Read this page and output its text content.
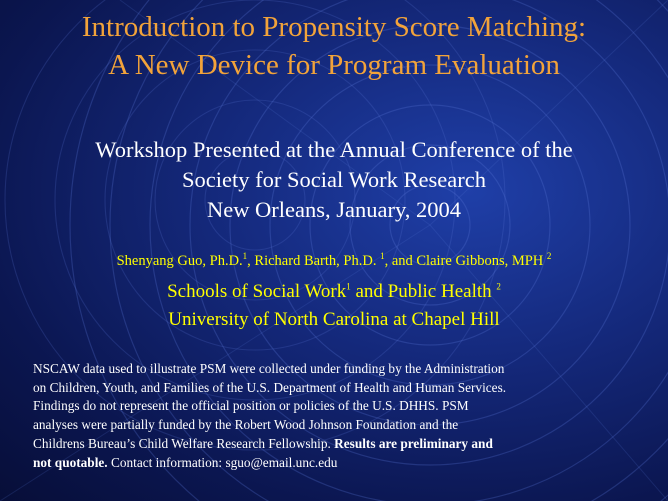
Introduction to Propensity Score Matching:
A New Device for Program Evaluation
Workshop Presented at the Annual Conference of the
Society for Social Work Research
New Orleans, January, 2004
Shenyang Guo, Ph.D.$^1$, Richard Barth, Ph.D. $^1$, and Claire Gibbons, MPH $^2$
Schools of Social Work$^1$ and Public Health $^2$
University of North Carolina at Chapel Hill
NSCAW data used to illustrate PSM were collected under funding by the Administration
on Children, Youth, and Families of the U.S. Department of Health and Human Services.
Findings do not represent the official position or policies of the U.S. DHHS. PSM
analyses were partially funded by the Robert Wood Johnson Foundation and the
Childrens Bureau’s Child Welfare Research Fellowship. Results are preliminary and
not quotable. Contact information: sguo@email.unc.edu
